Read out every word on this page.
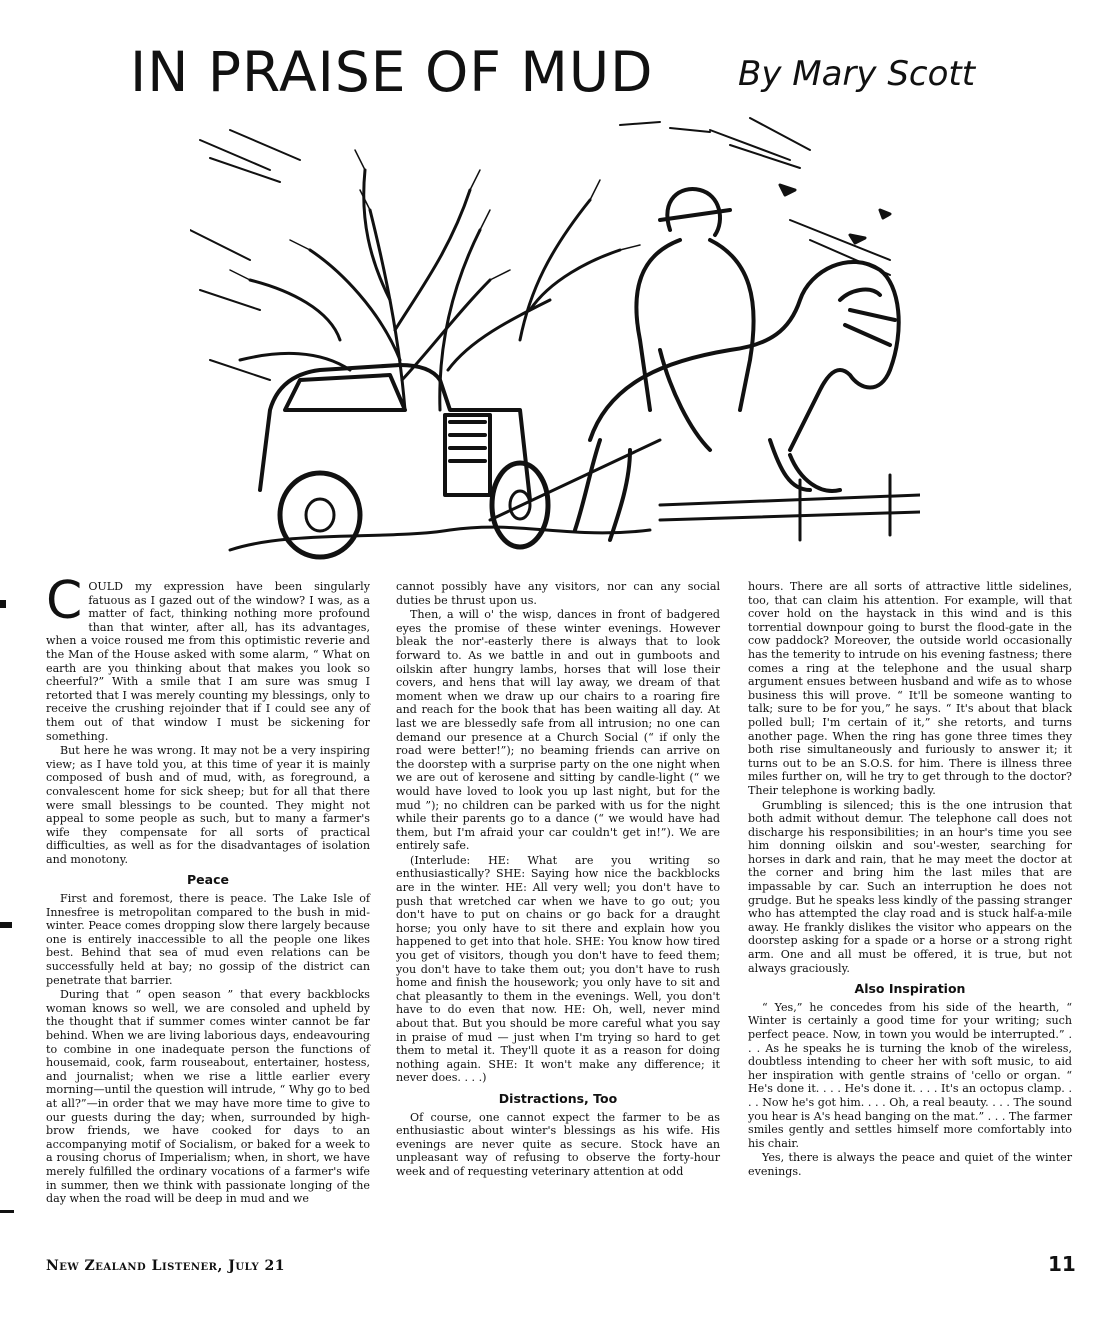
IN PRAISE OF MUD By Mary Scott

COULD my expression have been singularly fatuous as I gazed out of the window? I was, as a matter of fact, thinking nothing more profound than that winter, after all, has its advantages, when a voice roused me from this optimistic reverie and the Man of the House asked with some alarm, “ What on earth are you thinking about that makes you look so cheerful?” With a smile that I am sure was smug I retorted that I was merely counting my blessings, only to receive the crushing rejoinder that if I could see any of them out of that window I must be sickening for something.

But here he was wrong. It may not be a very inspiring view; as I have told you, at this time of year it is mainly composed of bush and of mud, with, as foreground, a convalescent home for sick sheep; but for all that there were small blessings to be counted. They might not appeal to some people as such, but to many a farmer's wife they compensate for all sorts of practical difficulties, as well as for the disadvantages of isolation and monotony.

Peace

First and foremost, there is peace. The Lake Isle of Innesfree is metropolitan compared to the bush in mid-winter. Peace comes dropping slow there largely because one is entirely inaccessible to all the people one likes best. Behind that sea of mud even relations can be successfully held at bay; no gossip of the district can penetrate that barrier.

During that “ open season ” that every backblocks woman knows so well, we are consoled and upheld by the thought that if summer comes winter cannot be far behind. When we are living laborious days, endeavouring to combine in one inadequate person the functions of housemaid, cook, farm rouseabout, entertainer, hostess, and journalist; when we rise a little earlier every morning—until the question will intrude, “ Why go to bed at all?”—in order that we may have more time to give to our guests during the day; when, surrounded by high-brow friends, we have cooked for days to an accompanying motif of Socialism, or baked for a week to a rousing chorus of Imperialism; when, in short, we have merely fulfilled the ordinary vocations of a farmer's wife in summer, then we think with passionate longing of the day when the road will be deep in mud and we

cannot possibly have any visitors, nor can any social duties be thrust upon us.

Then, a will o' the wisp, dances in front of badgered eyes the promise of these winter evenings. However bleak the nor'-easterly there is always that to look forward to. As we battle in and out in gumboots and oilskin after hungry lambs, horses that will lose their covers, and hens that will lay away, we dream of that moment when we draw up our chairs to a roaring fire and reach for the book that has been waiting all day. At last we are blessedly safe from all intrusion; no one can demand our presence at a Church Social (“ if only the road were better!”); no beaming friends can arrive on the doorstep with a surprise party on the one night when we are out of kerosene and sitting by candle-light (“ we would have loved to look you up last night, but for the mud ”); no children can be parked with us for the night while their parents go to a dance (“ we would have had them, but I'm afraid your car couldn't get in!”). We are entirely safe.

(Interlude: HE: What are you writing so enthusiastically? SHE: Saying how nice the backblocks are in the winter. HE: All very well; you don't have to push that wretched car when we have to go out; you don't have to put on chains or go back for a draught horse; you only have to sit there and explain how you happened to get into that hole. SHE: You know how tired you get of visitors, though you don't have to feed them; you don't have to take them out; you don't have to rush home and finish the housework; you only have to sit and chat pleasantly to them in the evenings. Well, you don't have to do even that now. HE: Oh, well, never mind about that. But you should be more careful what you say in praise of mud — just when I'm trying so hard to get them to metal it. They'll quote it as a reason for doing nothing again. SHE: It won't make any difference; it never does. . . .)

Distractions, Too

Of course, one cannot expect the farmer to be as enthusiastic about winter's blessings as his wife. His evenings are never quite as secure. Stock have an unpleasant way of refusing to observe the forty-hour week and of requesting veterinary attention at odd

hours. There are all sorts of attractive little sidelines, too, that can claim his attention. For example, will that cover hold on the haystack in this wind and is this torrential downpour going to burst the flood-gate in the cow paddock? Moreover, the outside world occasionally has the temerity to intrude on his evening fastness; there comes a ring at the telephone and the usual sharp argument ensues between husband and wife as to whose business this will prove. “ It'll be someone wanting to talk; sure to be for you,” he says. “ It's about that black polled bull; I'm certain of it,” she retorts, and turns another page. When the ring has gone three times they both rise simultaneously and furiously to answer it; it turns out to be an S.O.S. for him. There is illness three miles further on, will he try to get through to the doctor? Their telephone is working badly.

Grumbling is silenced; this is the one intrusion that both admit without demur. The telephone call does not discharge his responsibilities; in an hour's time you see him donning oilskin and sou'-wester, searching for horses in dark and rain, that he may meet the doctor at the corner and bring him the last miles that are impassable by car. Such an interruption he does not grudge. But he speaks less kindly of the passing stranger who has attempted the clay road and is stuck half-a-mile away. He frankly dislikes the visitor who appears on the doorstep asking for a spade or a horse or a strong right arm. One and all must be offered, it is true, but not always graciously.

Also Inspiration

“ Yes,” he concedes from his side of the hearth, “ Winter is certainly a good time for your writing; such perfect peace. Now, in town you would be interrupted.” . . . As he speaks he is turning the knob of the wireless, doubtless intending to cheer her with soft music, to aid her inspiration with gentle strains of 'cello or organ. “ He's done it. . . . He's done it. . . . It's an octopus clamp. . . . Now he's got him. . . . Oh, a real beauty. . . . The sound you hear is A's head banging on the mat.” . . . The farmer smiles gently and settles himself more comfortably into his chair.

Yes, there is always the peace and quiet of the winter evenings.

New Zealand Listener, July 21	11
